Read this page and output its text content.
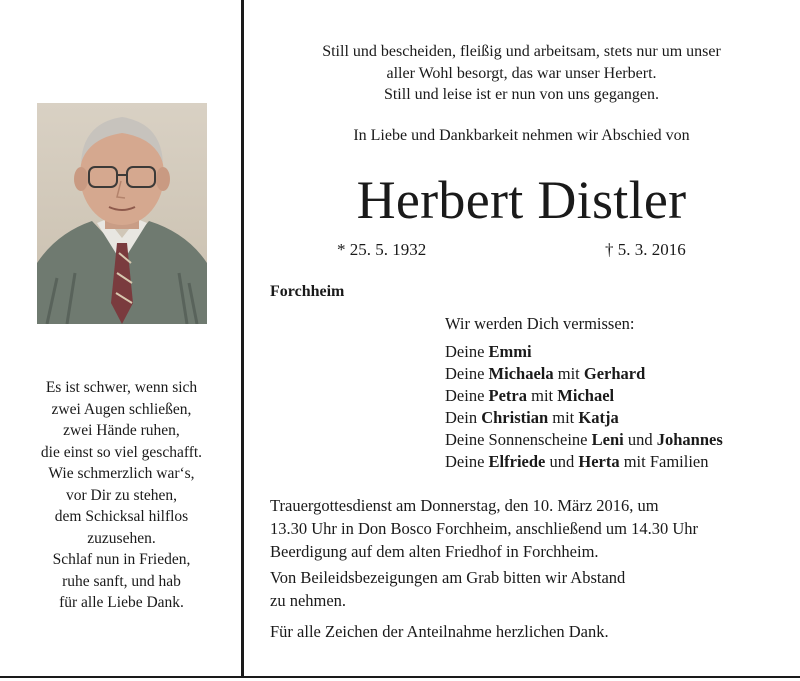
Es ist schwer, wenn sich
zwei Augen schließen,
zwei Hände ruhen,
die einst so viel geschafft.
Wie schmerzlich war‘s,
vor Dir zu stehen,
dem Schicksal hilflos
zuzusehen.
Schlaf nun in Frieden,
ruhe sanft, und hab
für alle Liebe Dank.
Still und bescheiden, fleißig und arbeitsam, stets nur um unser
aller Wohl besorgt, das war unser Herbert.
Still und leise ist er nun von uns gegangen.
In Liebe und Dankbarkeit nehmen wir Abschied von
Herbert Distler
* 25. 5. 1932	† 5. 3. 2016
Forchheim
Wir werden Dich vermissen:
Deine Emmi
Deine Michaela mit Gerhard
Deine Petra mit Michael
Dein Christian mit Katja
Deine Sonnenscheine Leni und Johannes
Deine Elfriede und Herta mit Familien
Trauergottesdienst am Donnerstag, den 10. März 2016, um
13.30 Uhr in Don Bosco Forchheim, anschließend um 14.30 Uhr
Beerdigung auf dem alten Friedhof in Forchheim.
Von Beileidsbezeigungen am Grab bitten wir Abstand
zu nehmen.
Für alle Zeichen der Anteilnahme herzlichen Dank.
